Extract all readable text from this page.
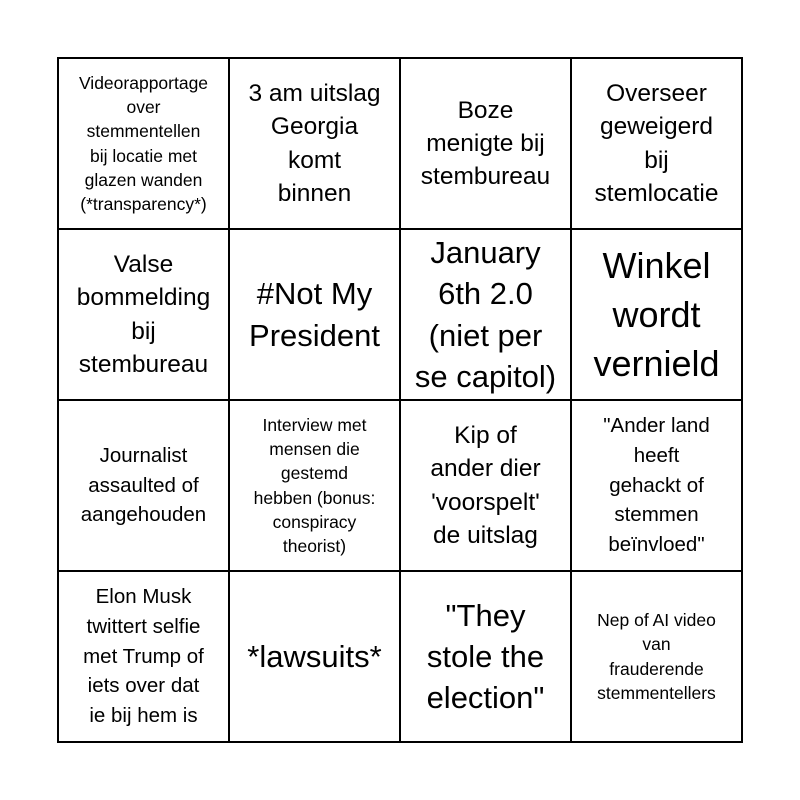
Videorapportage
over
stemmentellen
bij locatie met
glazen wanden
(*transparency*)
3 am uitslag
Georgia
komt
binnen
Boze
menigte bij
stembureau
Overseer
geweigerd
bij
stemlocatie
Valse
bommelding
bij
stembureau
#Not My
President
January
6th 2.0
(niet per
se capitol)
Winkel
wordt
vernield
Journalist
assaulted of
aangehouden
Interview met
mensen die
gestemd
hebben (bonus:
conspiracy
theorist)
Kip of
ander dier
'voorspelt'
de uitslag
"Ander land
heeft
gehackt of
stemmen
beïnvloed"
Elon Musk
twittert selfie
met Trump of
iets over dat
ie bij hem is
*lawsuits*
"They
stole the
election"
Nep of AI video
van
frauderende
stemmentellers
